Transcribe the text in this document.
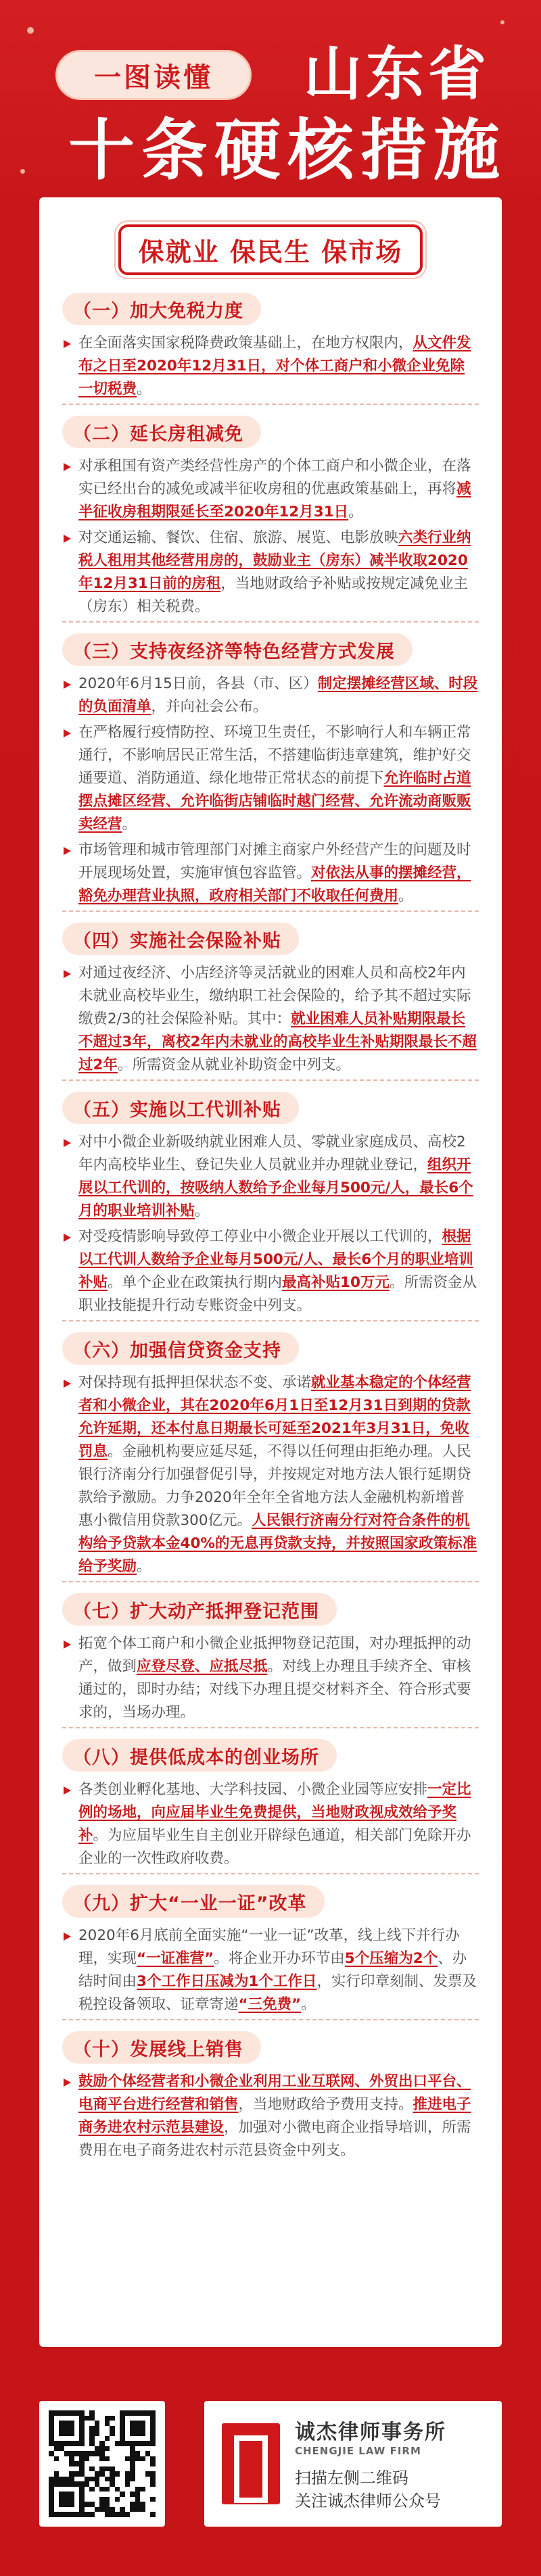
一图读懂	山东省
十条硬核措施
保就业 保民生 保市场
（一）加大免税力度

在全面落实国家税降费政策基础上，在地方权限内，从文件发布之日至2020年12月31日，对个体工商户和小微企业免除一切税费。

（二）延长房租减免

对承租国有资产类经营性房产的个体工商户和小微企业，在落实已经出台的减免或减半征收房租的优惠政策基础上，再将减半征收房租期限延长至2020年12月31日。

对交通运输、餐饮、住宿、旅游、展览、电影放映六类行业纳税人租用其他经营用房的，鼓励业主（房东）减半收取2020年12月31日前的房租，当地财政给予补贴或按规定减免业主（房东）相关税费。

（三）支持夜经济等特色经营方式发展

2020年6月15日前，各县（市、区）制定摆摊经营区域、时段的负面清单，并向社会公布。

在严格履行疫情防控、环境卫生责任，不影响行人和车辆正常通行，不影响居民正常生活，不搭建临街违章建筑，维护好交通要道、消防通道、绿化地带正常状态的前提下允许临时占道摆点摊区经营、允许临街店铺临时越门经营、允许流动商贩贩卖经营。

市场管理和城市管理部门对摊主商家户外经营产生的问题及时开展现场处置，实施审慎包容监管。对依法从事的摆摊经营，豁免办理营业执照，政府相关部门不收取任何费用。

（四）实施社会保险补贴

对通过夜经济、小店经济等灵活就业的困难人员和高校2年内未就业高校毕业生，缴纳职工社会保险的，给予其不超过实际缴费2/3的社会保险补贴。其中：就业困难人员补贴期限最长不超过3年，离校2年内未就业的高校毕业生补贴期限最长不超过2年。所需资金从就业补助资金中列支。

（五）实施以工代训补贴

对中小微企业新吸纳就业困难人员、零就业家庭成员、高校2年内高校毕业生、登记失业人员就业并办理就业登记，组织开展以工代训的，按吸纳人数给予企业每月500元/人，最长6个月的职业培训补贴。

对受疫情影响导致停工停业中小微企业开展以工代训的，根据以工代训人数给予企业每月500元/人、最长6个月的职业培训补贴。单个企业在政策执行期内最高补贴10万元。所需资金从职业技能提升行动专账资金中列支。

（六）加强信贷资金支持

对保持现有抵押担保状态不变、承诺就业基本稳定的个体经营者和小微企业，其在2020年6月1日至12月31日到期的贷款允许延期，还本付息日期最长可延至2021年3月31日，免收罚息。金融机构要应延尽延，不得以任何理由拒绝办理。人民银行济南分行加强督促引导，并按规定对地方法人银行延期贷款给予激励。力争2020年全年全省地方法人金融机构新增普惠小微信用贷款300亿元。人民银行济南分行对符合条件的机构给予贷款本金40%的无息再贷款支持，并按照国家政策标准给予奖励。

（七）扩大动产抵押登记范围

拓宽个体工商户和小微企业抵押物登记范围，对办理抵押的动产，做到应登尽登、应抵尽抵。对线上办理且手续齐全、审核通过的，即时办结；对线下办理且提交材料齐全、符合形式要求的，当场办理。

（八）提供低成本的创业场所

各类创业孵化基地、大学科技园、小微企业园等应安排一定比例的场地，向应届毕业生免费提供，当地财政视成效给予奖补。为应届毕业生自主创业开辟绿色通道，相关部门免除开办企业的一次性政府收费。

（九）扩大“一业一证”改革

2020年6月底前全面实施“一业一证”改革，线上线下并行办理，实现“一证准营”。将企业开办环节由5个压缩为2个、办结时间由3个工作日压减为1个工作日，实行印章刻制、发票及税控设备领取、证章寄递“三免费”。

（十）发展线上销售

鼓励个体经营者和小微企业利用工业互联网、外贸出口平台、电商平台进行经营和销售，当地财政给予费用支持。推进电子商务进农村示范县建设，加强对小微电商企业指导培训，所需费用在电子商务进农村示范县资金中列支。

诚杰律师事务所
CHENGJIE LAW FIRM
扫描左侧二维码
关注诚杰律师公众号
